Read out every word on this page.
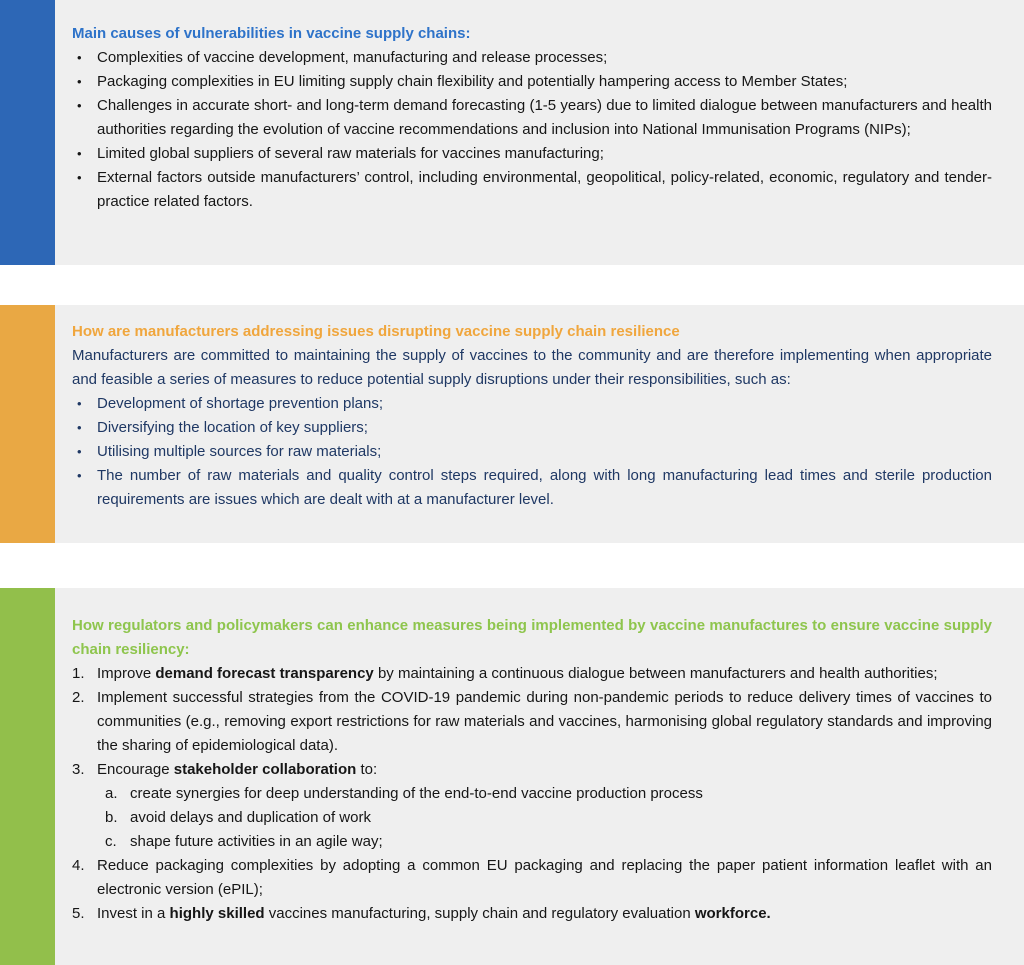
Main causes of vulnerabilities in vaccine supply chains:
• Complexities of vaccine development, manufacturing and release processes;
• Packaging complexities in EU limiting supply chain flexibility and potentially hampering access to Member States;
• Challenges in accurate short- and long-term demand forecasting (1-5 years) due to limited dialogue between manufacturers and health authorities regarding the evolution of vaccine recommendations and inclusion into National Immunisation Programs (NIPs);
• Limited global suppliers of several raw materials for vaccines manufacturing;
• External factors outside manufacturers’ control, including environmental, geopolitical, policy-related, economic, regulatory and tender-practice related factors.
How are manufacturers addressing issues disrupting vaccine supply chain resilience
Manufacturers are committed to maintaining the supply of vaccines to the community and are therefore implementing when appropriate and feasible a series of measures to reduce potential supply disruptions under their responsibilities, such as:
• Development of shortage prevention plans;
• Diversifying the location of key suppliers;
• Utilising multiple sources for raw materials;
• The number of raw materials and quality control steps required, along with long manufacturing lead times and sterile production requirements are issues which are dealt with at a manufacturer level.
How regulators and policymakers can enhance measures being implemented by vaccine manufactures to ensure vaccine supply chain resiliency:
1. Improve demand forecast transparency by maintaining a continuous dialogue between manufacturers and health authorities;
2. Implement successful strategies from the COVID-19 pandemic during non-pandemic periods to reduce delivery times of vaccines to communities (e.g., removing export restrictions for raw materials and vaccines, harmonising global regulatory standards and improving the sharing of epidemiological data).
3. Encourage stakeholder collaboration to:
a. create synergies for deep understanding of the end-to-end vaccine production process
b. avoid delays and duplication of work
c. shape future activities in an agile way;
4. Reduce packaging complexities by adopting a common EU packaging and replacing the paper patient information leaflet with an electronic version (ePIL);
5. Invest in a highly skilled vaccines manufacturing, supply chain and regulatory evaluation workforce.
